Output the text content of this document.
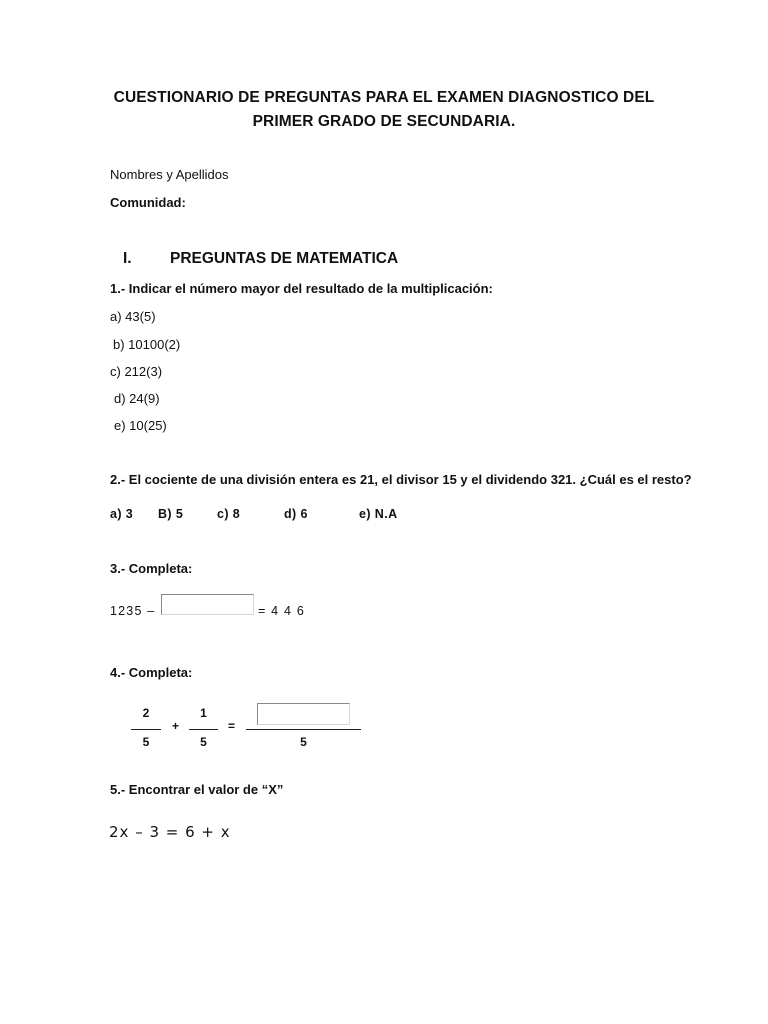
CUESTIONARIO DE PREGUNTAS PARA EL EXAMEN DIAGNOSTICO DEL
PRIMER GRADO DE SECUNDARIA.
Nombres y Apellidos
Comunidad:
I. PREGUNTAS DE MATEMATICA
1.- Indicar el número mayor del resultado de la multiplicación:
a) 43(5)
b) 10100(2)
c) 212(3)
d) 24(9)
e) 10(25)
2.- El cociente de una división entera es 21, el divisor 15 y el dividendo 321. ¿Cuál es el resto?
a) 3 B) 5	c) 8	d) 6	e) N.A
3.- Completa:
1235 –	= 4 4 6
4.- Completa:
2
5
+
1
5
=
5
5.- Encontrar el valor de “X”
2x – 3 = 6 + x
